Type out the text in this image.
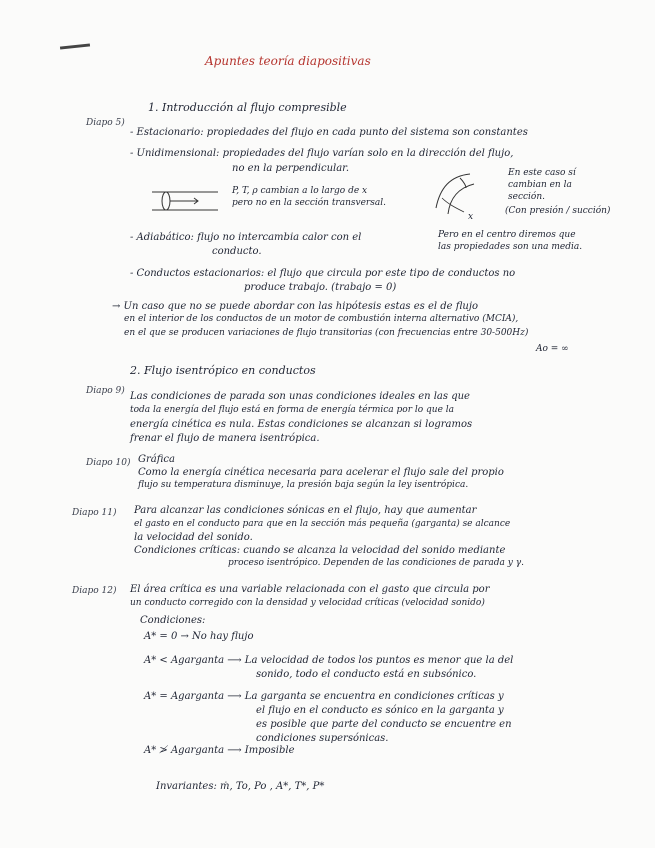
Apuntes teoría diapositivas
1. Introducción al flujo compresible
Diapo 5)
- Estacionario: propiedades del flujo en cada punto del sistema son constantes
- Unidimensional: propiedades del flujo varían solo en la dirección del flujo,
no en la perpendicular.
P, T, ρ cambian a lo largo de x
pero no en la sección transversal.
x
En este caso sí
cambian en la
sección.
(Con presión / succión)
- Adiabático: flujo no intercambia calor con el
conducto.
Pero en el centro diremos que
las propiedades son una media.
- Conductos estacionarios: el flujo que circula por este tipo de conductos no
produce trabajo. (trabajo = 0)
→ Un caso que no se puede abordar con las hipótesis estas es el de flujo
en el interior de los conductos de un motor de combustión interna alternativo (MCIA),
en el que se producen variaciones de flujo transitorias (con frecuencias entre 30-500Hz)
Ao = ∞
2. Flujo isentrópico en conductos
Diapo 9) Las condiciones de parada son unas condiciones ideales en las que
toda la energía del flujo está en forma de energía térmica por lo que la
energía cinética es nula. Estas condiciones se alcanzan si logramos
frenar el flujo de manera isentrópica.
Diapo 10) Gráfica
Como la energía cinética necesaria para acelerar el flujo sale del propio
flujo su temperatura disminuye, la presión baja según la ley isentrópica.
Diapo 11) Para alcanzar las condiciones sónicas en el flujo, hay que aumentar
el gasto en el conducto para que en la sección más pequeña (garganta) se alcance
la velocidad del sonido.
Condiciones críticas: cuando se alcanza la velocidad del sonido mediante
proceso isentrópico. Dependen de las condiciones de parada y γ.
Diapo 12) El área crítica es una variable relacionada con el gasto que circula por
un conducto corregido con la densidad y velocidad críticas (velocidad sonido)
Condiciones:
A* = 0 → No hay flujo
A* < Agarganta ⟶ La velocidad de todos los puntos es menor que la del
sonido, todo el conducto está en subsónico.
A* = Agarganta ⟶ La garganta se encuentra en condiciones críticas y
el flujo en el conducto es sónico en la garganta y
es posible que parte del conducto se encuentre en
condiciones supersónicas.
A* ≯ Agarganta ⟶ Imposible
Invariantes: ṁ, To, Po , A*, T*, P*
